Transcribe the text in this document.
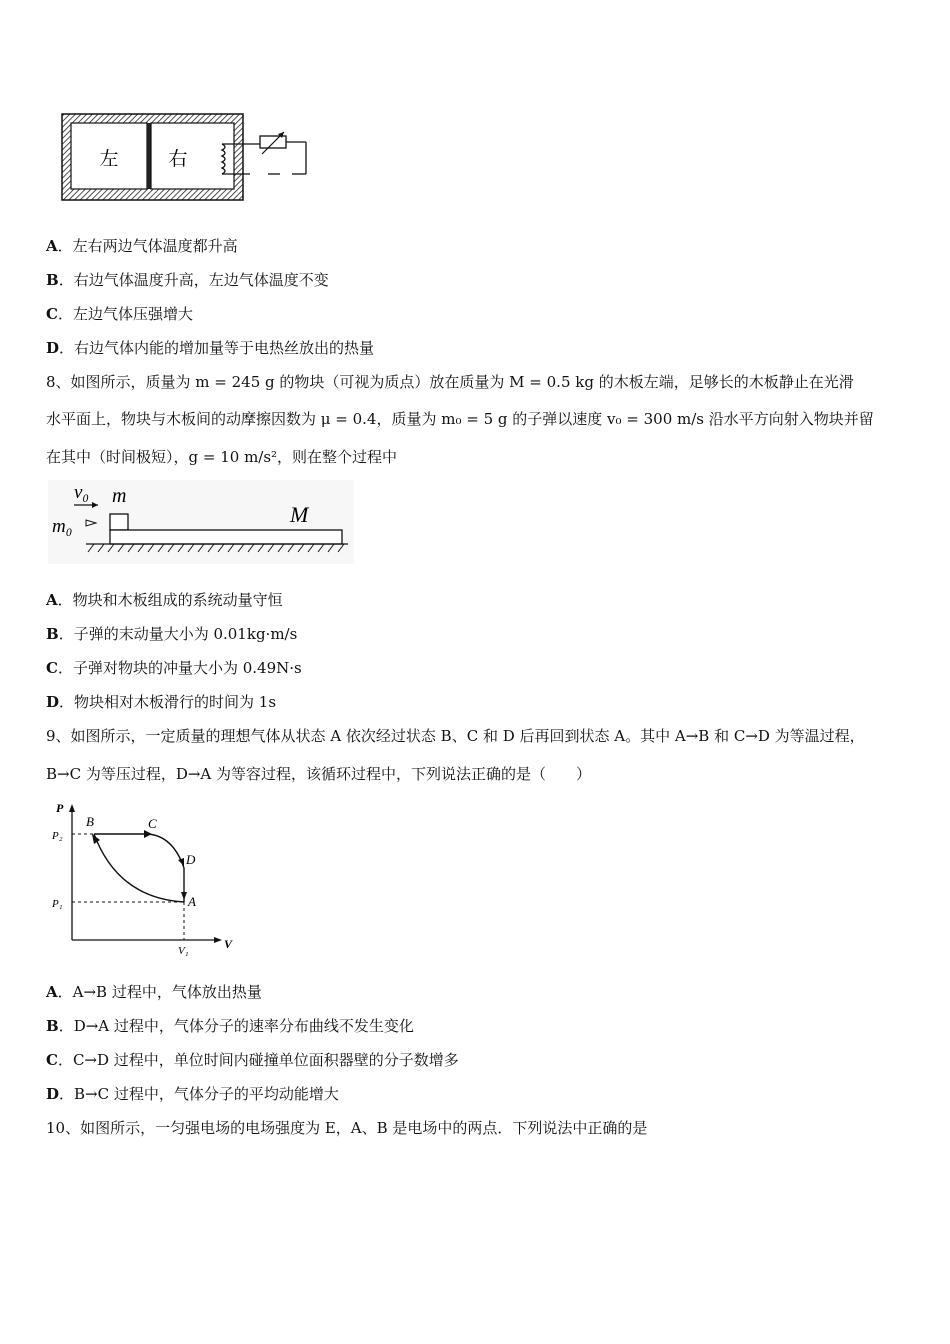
左	右
A．左右两边气体温度都升高
B．右边气体温度升高，左边气体温度不变
C．左边气体压强增大
D．右边气体内能的增加量等于电热丝放出的热量
8、如图所示，质量为 m = 245 g 的物块（可视为质点）放在质量为 M = 0.5 kg 的木板左端，足够长的木板静止在光滑
水平面上，物块与木板间的动摩擦因数为 μ = 0.4，质量为 m₀ = 5 g 的子弹以速度 v₀ = 300 m/s 沿水平方向射入物块并留
在其中（时间极短），g = 10 m/s²，则在整个过程中
v₀ m
m₀	M
A．物块和木板组成的系统动量守恒
B．子弹的末动量大小为 0.01kg·m/s
C．子弹对物块的冲量大小为 0.49N·s
D．物块相对木板滑行的时间为 1s
9、如图所示，一定质量的理想气体从状态 A 依次经过状态 B、C 和 D 后再回到状态 A。其中 A→B 和 C→D 为等温过程，
B→C 为等压过程，D→A 为等容过程，该循环过程中，下列说法正确的是（　　）
P
V
P₂
P₁
V₁
B	C
D
A
A．A→B 过程中，气体放出热量
B．D→A 过程中，气体分子的速率分布曲线不发生变化
C．C→D 过程中，单位时间内碰撞单位面积器壁的分子数增多
D．B→C 过程中，气体分子的平均动能增大
10、如图所示，一匀强电场的电场强度为 E，A、B 是电场中的两点．下列说法中正确的是
